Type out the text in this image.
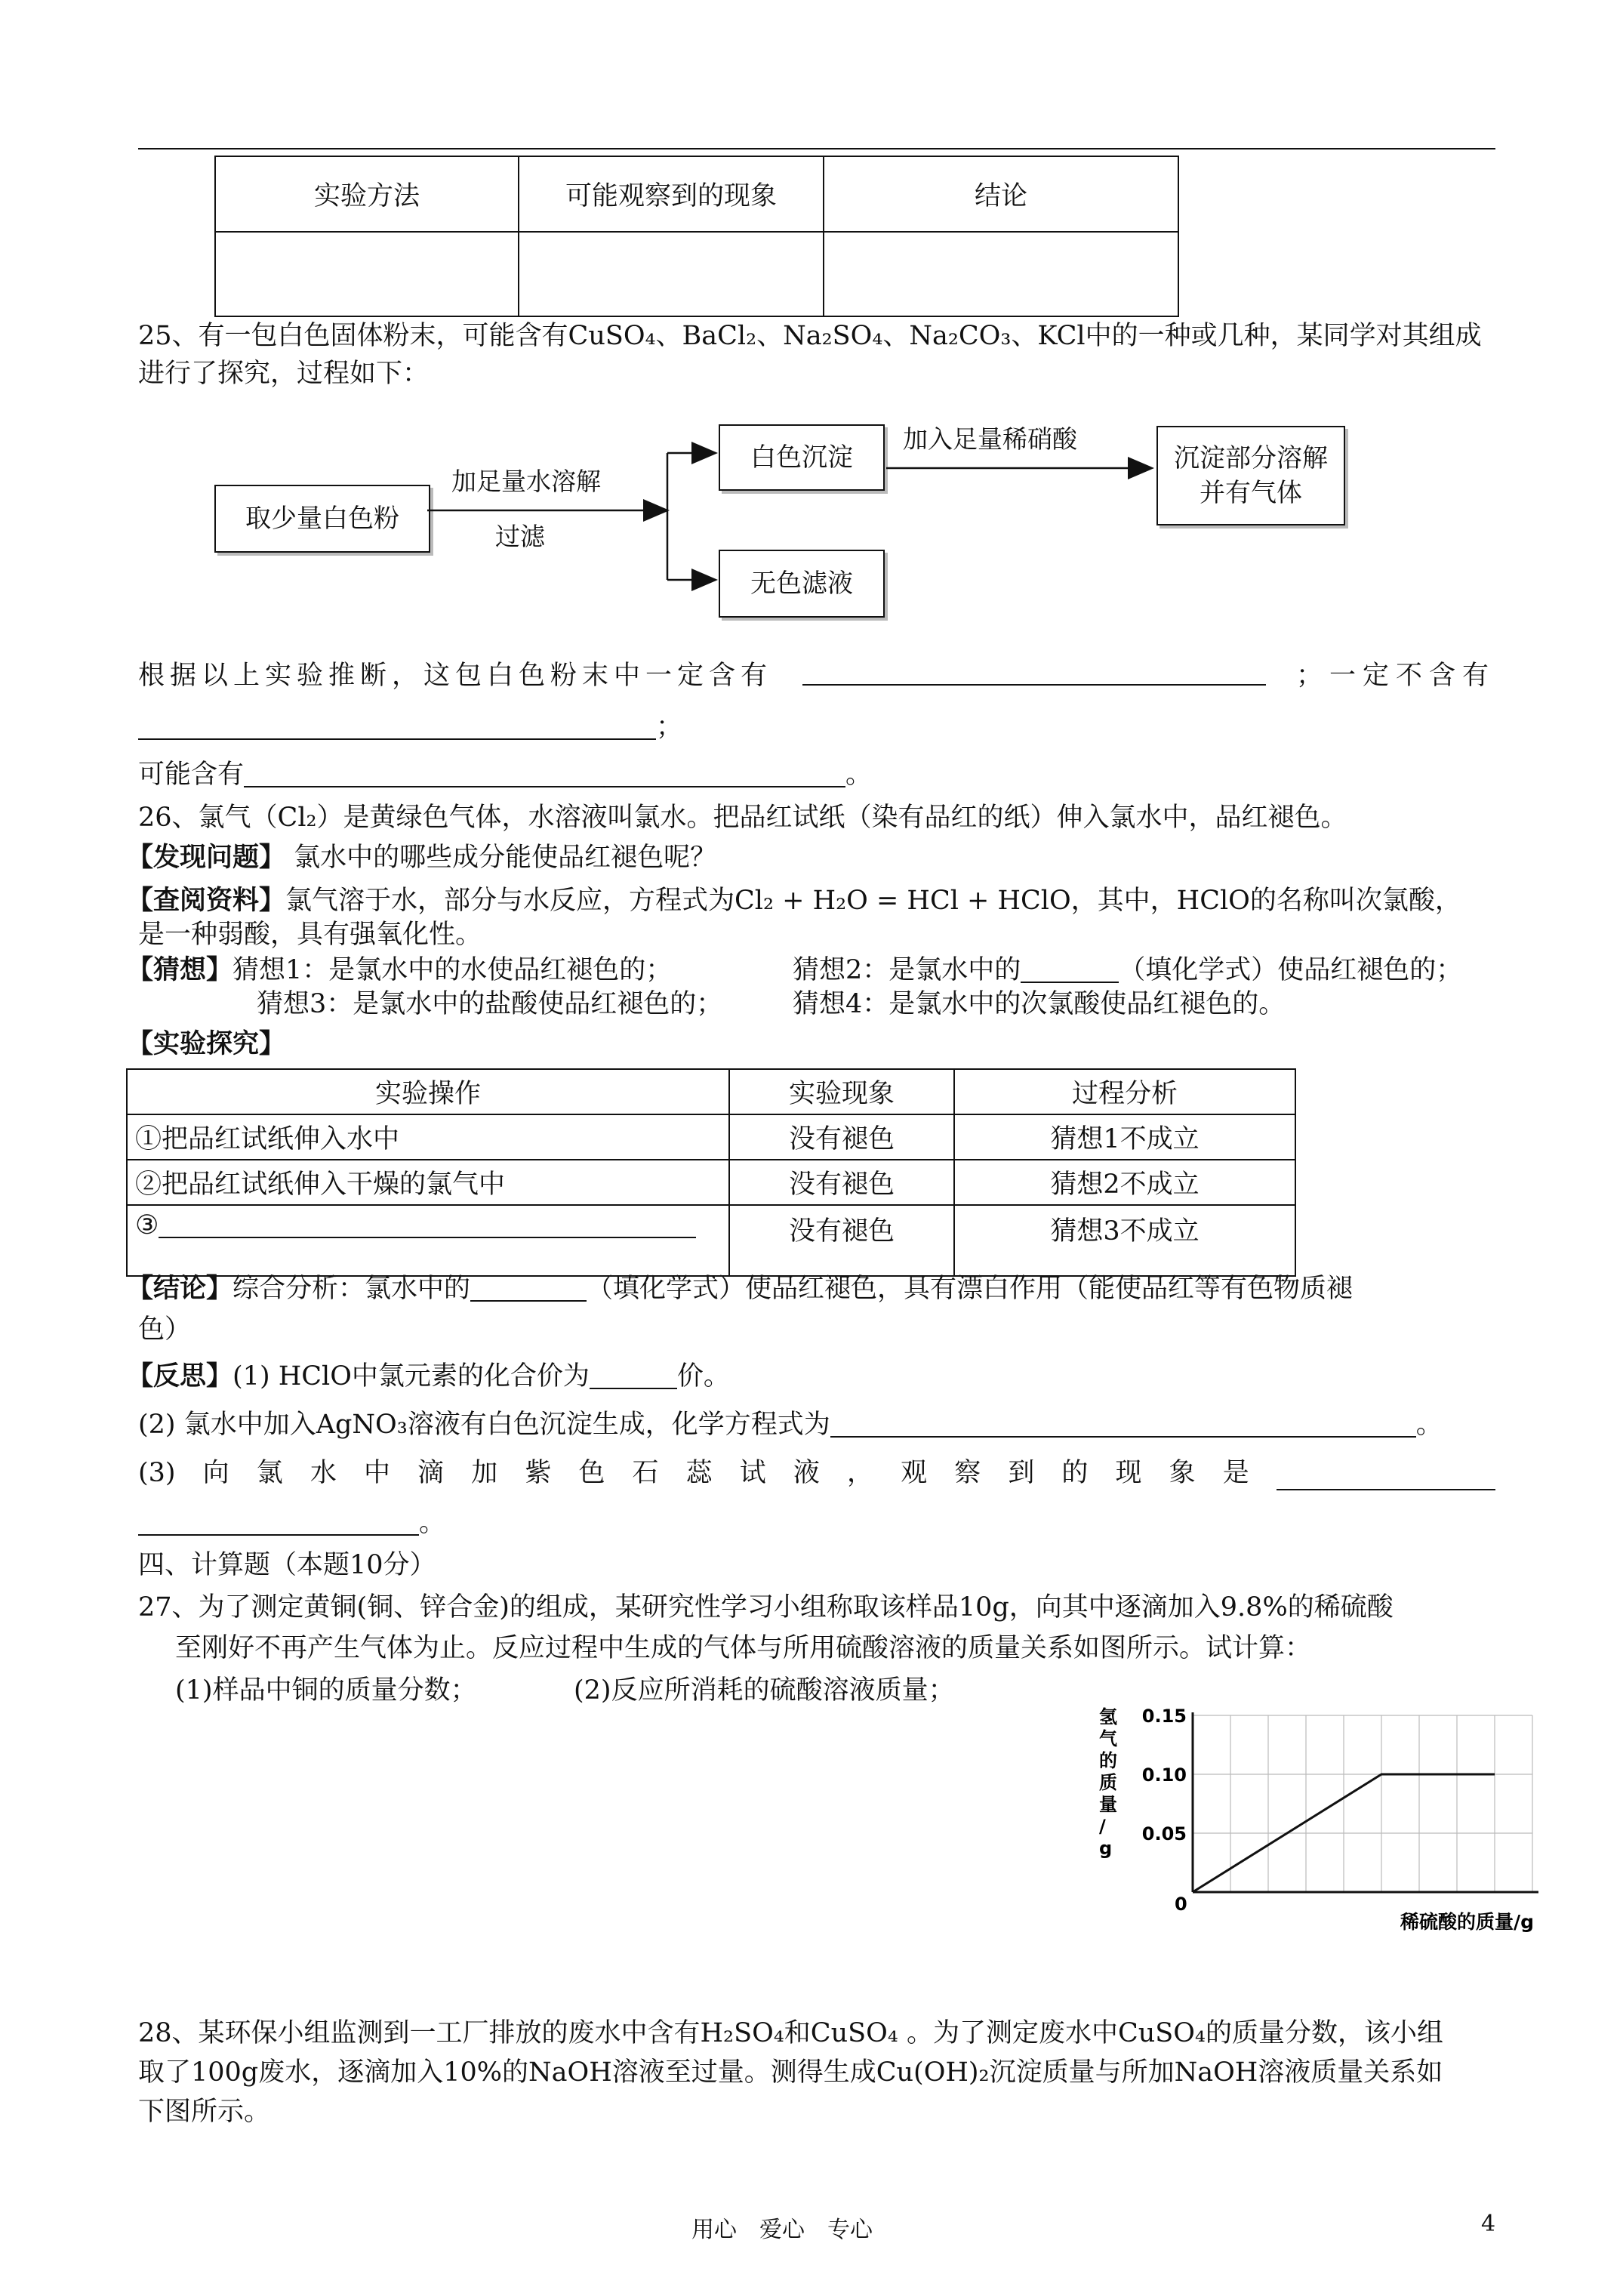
实验方法	可能观察到的现象	结论

25、有一包白色固体粉末，可能含有CuSO₄、BaCl₂、Na₂SO₄、Na₂CO₃、KCl中的一种或几种，某同学对其组成
进行了探究，过程如下：
取少量白色粉
白色沉淀
无色滤液
沉淀部分溶解并有气体
加足量水溶解
过滤
加入足量稀硝酸
根据以上实验推断，这包白色粉末中一定含有	；一定不含有
；
可能含有	。
26、氯气（Cl₂）是黄绿色气体，水溶液叫氯水。把品红试纸（染有品红的纸）伸入氯水中，品红褪色。
【发现问题】 氯水中的哪些成分能使品红褪色呢？
【查阅资料】氯气溶于水，部分与水反应，方程式为Cl₂ + H₂O = HCl + HClO，其中，HClO的名称叫次氯酸，
是一种弱酸，具有强氧化性。
【猜想】猜想1：是氯水中的水使品红褪色的；	猜想2：是氯水中的	（填化学式）使品红褪色的；
猜想3：是氯水中的盐酸使品红褪色的；	猜想4：是氯水中的次氯酸使品红褪色的。
【实验探究】
实验操作	实验现象	过程分析
①把品红试纸伸入水中	没有褪色	猜想1不成立
②把品红试纸伸入干燥的氯气中	没有褪色	猜想2不成立
③	没有褪色	猜想3不成立
【结论】综合分析：氯水中的	（填化学式）使品红褪色，具有漂白作用（能使品红等有色物质褪
色）
【反思】(1) HClO中氯元素的化合价为	价。
(2) 氯水中加入AgNO₃溶液有白色沉淀生成，化学方程式为	。
(3) 向 氯 水 中 滴 加 紫 色 石 蕊 试 液 ， 观 察 到 的 现 象 是
。
四、计算题（本题10分）
27、为了测定黄铜(铜、锌合金)的组成，某研究性学习小组称取该样品10g，向其中逐滴加入9.8%的稀硫酸
至刚好不再产生气体为止。反应过程中生成的气体与所用硫酸溶液的质量关系如图所示。试计算：
(1)样品中铜的质量分数；	(2)反应所消耗的硫酸溶液质量；
0.15
0.10
0.05
0
稀硫酸的质量/g
氢气的质量/ g
28、某环保小组监测到一工厂排放的废水中含有H₂SO₄和CuSO₄ 。为了测定废水中CuSO₄的质量分数，该小组
取了100g废水，逐滴加入10%的NaOH溶液至过量。测得生成Cu(OH)₂沉淀质量与所加NaOH溶液质量关系如
下图所示。
用心　爱心　专心	4
